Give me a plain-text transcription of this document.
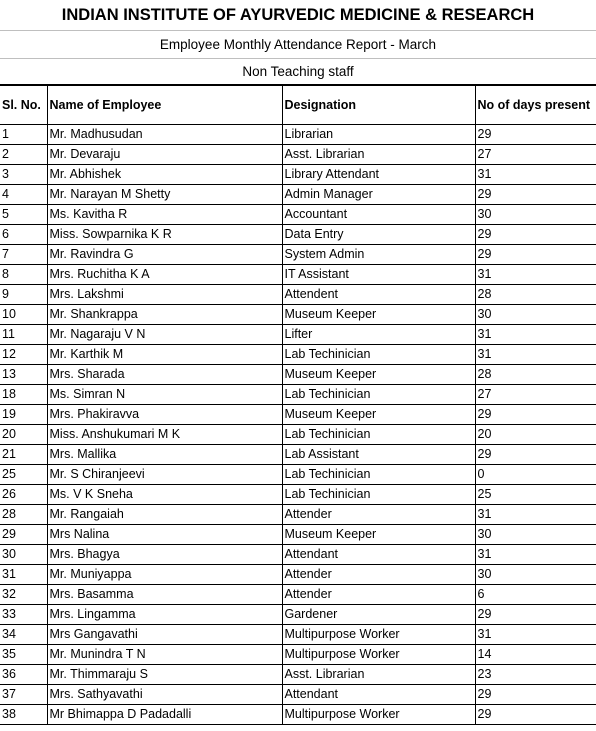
INDIAN INSTITUTE OF AYURVEDIC MEDICINE & RESEARCH
Employee Monthly Attendance Report - March
Non Teaching staff
Sl. No.	Name of Employee	Designation	No of days present
1	Mr. Madhusudan	Librarian	29
2	Mr. Devaraju	Asst. Librarian	27
3	Mr. Abhishek	Library Attendant	31
4	Mr. Narayan M Shetty	Admin Manager	29
5	Ms. Kavitha R	Accountant	30
6	Miss. Sowparnika K R	Data Entry	29
7	Mr. Ravindra G	System Admin	29
8	Mrs. Ruchitha K A	IT Assistant	31
9	Mrs. Lakshmi	Attendent	28
10	Mr. Shankrappa	Museum Keeper	30
11	Mr. Nagaraju V N	Lifter	31
12	Mr. Karthik M	Lab Techinician	31
13	Mrs. Sharada	Museum Keeper	28
18	Ms. Simran N	Lab Techinician	27
19	Mrs. Phakiravva	Museum Keeper	29
20	Miss. Anshukumari M K	Lab Techinician	20
21	Mrs. Mallika	Lab Assistant	29
25	Mr. S Chiranjeevi	Lab Techinician	0
26	Ms. V K Sneha	Lab Techinician	25
28	Mr. Rangaiah	Attender	31
29	Mrs Nalina	Museum Keeper	30
30	Mrs. Bhagya	Attendant	31
31	Mr. Muniyappa	Attender	30
32	Mrs. Basamma	Attender	6
33	Mrs. Lingamma	Gardener	29
34	Mrs Gangavathi	Multipurpose Worker	31
35	Mr. Munindra T N	Multipurpose Worker	14
36	Mr. Thimmaraju S	Asst. Librarian	23
37	Mrs. Sathyavathi	Attendant	29
38	Mr Bhimappa D Padadalli	Multipurpose Worker	29
